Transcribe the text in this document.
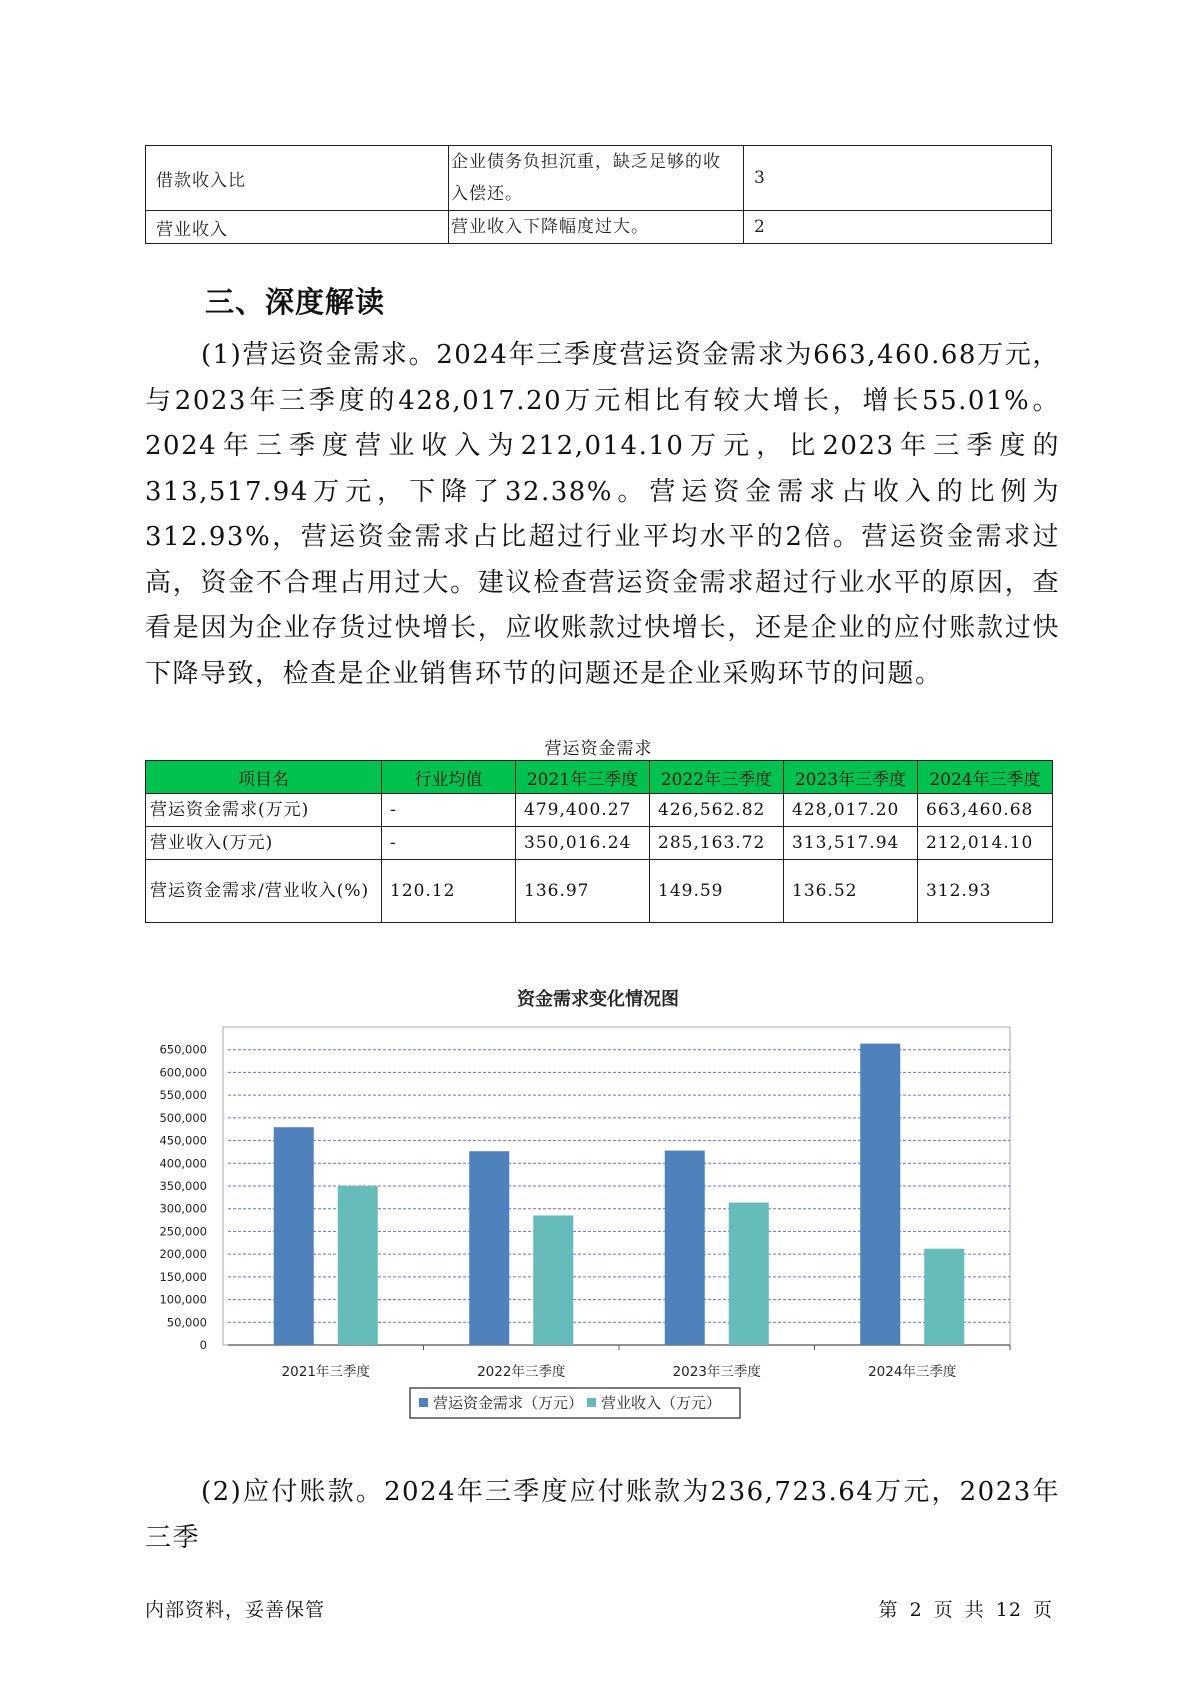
借款收入比	企业债务负担沉重，缺乏足够的收入偿还。	3
营业收入	营业收入下降幅度过大。	2
三、深度解读

(1)营运资金需求。2024年三季度营运资金需求为663,460.68万元，与2023年三季度的428,017.20万元相比有较大增长，增长55.01%。2024年三季度营业收入为212,014.10万元，比2023年三季度的313,517.94万元，下降了32.38%。营运资金需求占收入的比例为312.93%，营运资金需求占比超过行业平均水平的2倍。营运资金需求过高，资金不合理占用过大。建议检查营运资金需求超过行业水平的原因，查看是因为企业存货过快增长，应收账款过快增长，还是企业的应付账款过快下降导致，检查是企业销售环节的问题还是企业采购环节的问题。

营运资金需求
项目名	行业均值	2021年三季度	2022年三季度	2023年三季度	2024年三季度
营运资金需求(万元)	-	479,400.27	426,562.82	428,017.20	663,460.68
营业收入(万元)	-	350,016.24	285,163.72	313,517.94	212,014.10
营运资金需求/营业收入(%)	120.12	136.97	149.59	136.52	312.93
资金需求变化情况图
0
50,000
100,000
150,000
200,000
250,000
300,000
350,000
400,000
450,000
500,000
550,000
600,000
650,000
2021年三季度	2022年三季度	2023年三季度	2024年三季度
营运资金需求（万元） 营业收入（万元）

(2)应付账款。2024年三季度应付账款为236,723.64万元，2023年三季

内部资料，妥善保管	第 2 页 共 12 页
